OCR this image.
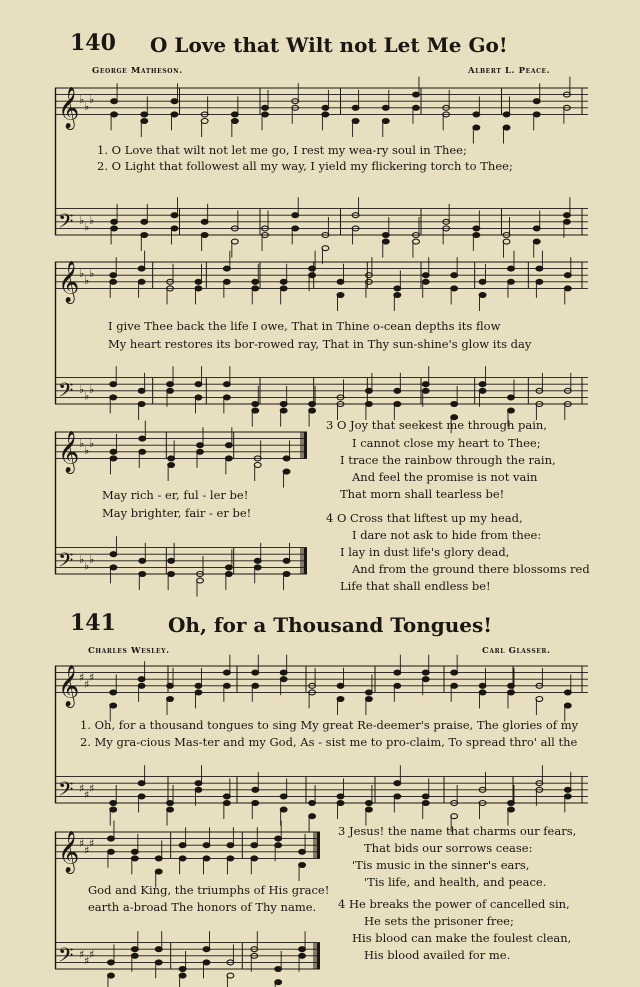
140 O Love that Wilt not Let Me Go!
George Matheson.	Albert L. Peace.
𝄞
𝄢
♭
♭
♭
♭
♭
♭
1. O Love that wilt not let me go, I rest my wea-ry soul in Thee;
2. O Light that followest all my way, I yield my flickering torch to Thee;
𝄞
𝄢
♭
♭
♭
♭
♭
♭
I give Thee back the life I owe, That in Thine o-cean depths its flow
My heart restores its bor-rowed ray, That in Thy sun-shine's glow its day
𝄞
𝄢
♭
♭
♭
♭
♭
♭
May rich - er, ful - ler be!
May brighter, fair - er be!
3 O Joy that seekest me through pain,
I cannot close my heart to Thee;
I trace the rainbow through the rain,
And feel the promise is not vain
That morn shall tearless be!
4 O Cross that liftest up my head,
I dare not ask to hide from thee:
I lay in dust life's glory dead,
And from the ground there blossoms red
Life that shall endless be!
141	Oh, for a Thousand Tongues!
Charles Wesley.	Carl Glasser.
𝄞
𝄢
♯
♯
♯
♯
♯
♯
1. Oh, for a thousand tongues to sing My great Re-deemer's praise, The glories of my
2. My gra-cious Mas-ter and my God, As - sist me to pro-claim, To spread thro' all the
𝄞
𝄢
♯
♯
♯
♯
♯
♯
God and King, the triumphs of His grace!
earth a-broad The honors of Thy name.
3 Jesus! the name that charms our fears,
That bids our sorrows cease:
'Tis music in the sinner's ears,
'Tis life, and health, and peace.
4 He breaks the power of cancelled sin,
He sets the prisoner free;
His blood can make the foulest clean,
His blood availed for me.
